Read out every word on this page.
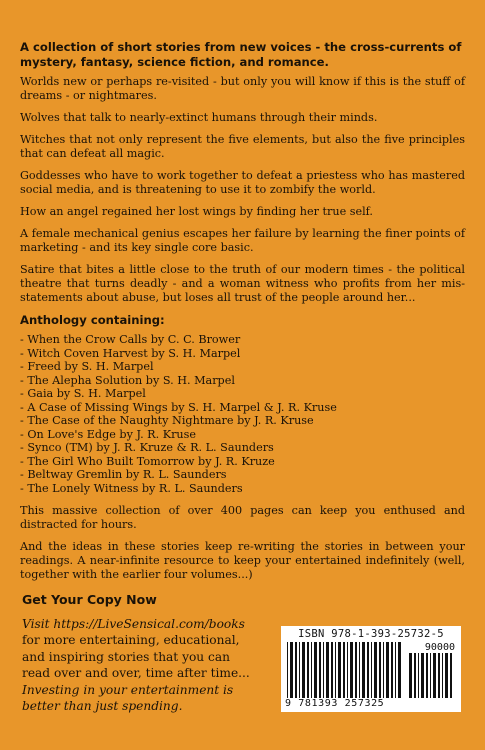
A collection of short stories from new voices - the cross-currents of mystery, fantasy, science fiction, and romance.

Worlds new or perhaps re-visited - but only you will know if this is the stuff of dreams - or nightmares.

Wolves that talk to nearly-extinct humans through their minds.

Witches that not only represent the five elements, but also the five principles that can defeat all magic.

Goddesses who have to work together to defeat a priestess who has mastered social media, and is threatening to use it to zombify the world.

How an angel regained her lost wings by finding her true self.

A female mechanical genius escapes her failure by learning the finer points of marketing - and its key single core basic.

Satire that bites a little close to the truth of our modern times - the political theatre that turns deadly - and a woman witness who profits from her mis-statements about abuse, but loses all trust of the people around her...

Anthology containing:
- When the Crow Calls by C. C. Brower
- Witch Coven Harvest by S. H. Marpel
- Freed by S. H. Marpel
- The Alepha Solution by S. H. Marpel
- Gaia by S. H. Marpel
- A Case of Missing Wings by S. H. Marpel & J. R. Kruse
- The Case of the Naughty Nightmare by J. R. Kruse
- On Love's Edge by J. R. Kruse
- Synco (TM) by J. R. Kruze & R. L. Saunders
- The Girl Who Built Tomorrow by J. R. Kruze
- Beltway Gremlin by R. L. Saunders
- The Lonely Witness by R. L. Saunders

This massive collection of over 400 pages can keep you enthused and distracted for hours.

And the ideas in these stories keep re-writing the stories in between your readings. A near-infinite resource to keep your entertained indefinitely (well, together with the earlier four volumes...)

Get Your Copy Now
Visit https://LiveSensical.com/books for more entertaining, educational, and inspiring stories that you can read over and over, time after time... Investing in your entertainment is better than just spending.
ISBN 978-1-393-25732-5
90000
9 781393 257325
